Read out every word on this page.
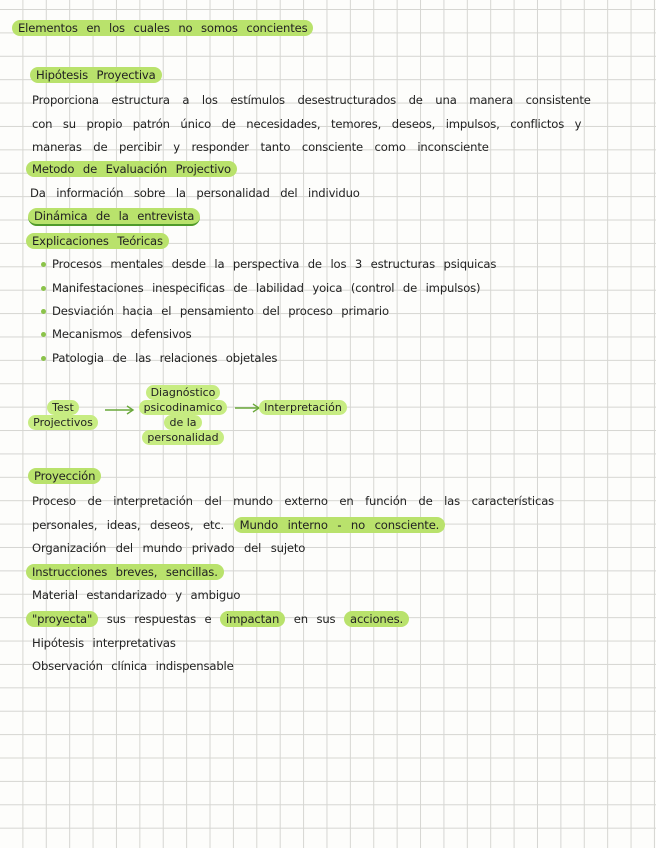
Elementos en los cuales no somos concientes
Hipótesis Proyectiva
Proporciona estructura a los estímulos desestructurados de una manera consistente
con su propio patrón único de necesidades, temores, deseos, impulsos, conflictos y
maneras de percibir y responder tanto consciente como inconsciente
Metodo de Evaluación Projectivo
Da información sobre la personalidad del individuo
Dinámica de la entrevista
Explicaciones Teóricas
Procesos mentales desde la perspectiva de los 3 estructuras psiquicas
Manifestaciones inespecificas de labilidad yoica (control de impulsos)
Desviación hacia el pensamiento del proceso primario
Mecanismos defensivos
Patologia de las relaciones objetales
Test
Projectivos
Diagnóstico
psicodinamico
de la
personalidad
Interpretación
Proyección
Proceso de interpretación del mundo externo en función de las características
personales, ideas, deseos, etc. Mundo interno - no consciente.
Organización del mundo privado del sujeto
Instrucciones breves, sencillas.
Material estandarizado y ambiguo
"proyecta" sus respuestas e impactan en sus acciones.
Hipótesis interpretativas
Observación clínica indispensable
